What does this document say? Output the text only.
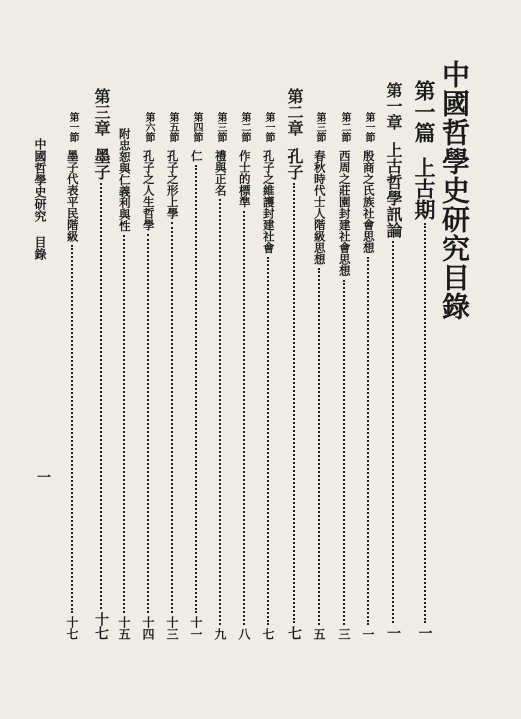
中國哲學史研究目錄
第一篇
上古期
一
第一章
上古哲學訊論
一
第一節
殷商之氏族社會思想
一
第二節
西周之莊園封建社會思想
三
第三節
春秋時代士人階級思想
五
第二章
孔子
七
第一節
孔子之維護封建社會
七
第二節
作士的標準
八
第三節
禮與正名
九
第四節
仁
十一
第五節
孔子之形上學
十三
第六節
孔子之人生哲學
十四
附忠恕與仁義利與性
十五
第三章
墨子
十七
第一節
墨子代表平民階級
十七
中國哲學史研究
目錄
一
